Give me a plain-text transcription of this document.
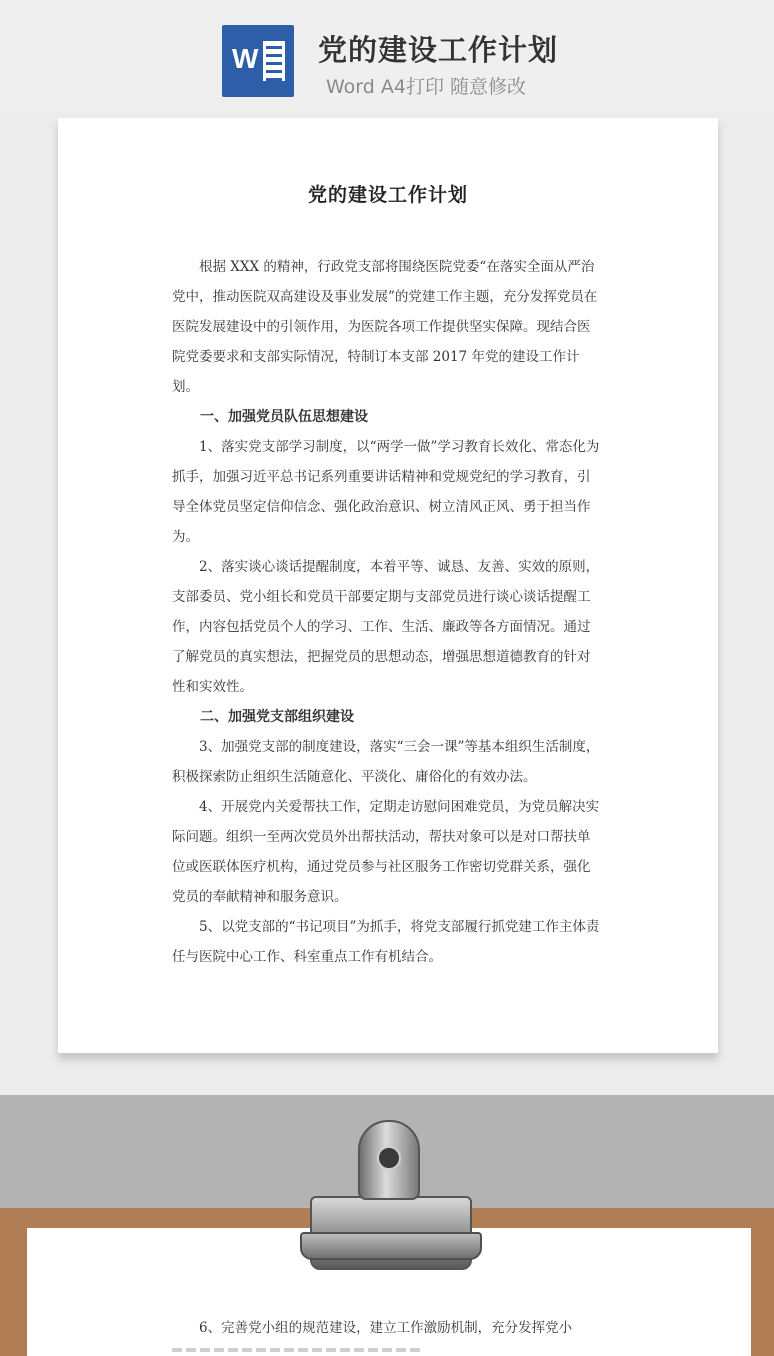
W 党的建设工作计划
Word A4打印 随意修改
党的建设工作计划

根据 XXX 的精神，行政党支部将围绕医院党委“在落实全面从严治党中，推动医院双高建设及事业发展”的党建工作主题，充分发挥党员在医院发展建设中的引领作用，为医院各项工作提供坚实保障。现结合医院党委要求和支部实际情况，特制订本支部 2017 年党的建设工作计划。

一、加强党员队伍思想建设

1、落实党支部学习制度，以“两学一做”学习教育长效化、常态化为抓手，加强习近平总书记系列重要讲话精神和党规党纪的学习教育，引导全体党员坚定信仰信念、强化政治意识、树立清风正风、勇于担当作为。

2、落实谈心谈话提醒制度，本着平等、诚恳、友善、实效的原则，支部委员、党小组长和党员干部要定期与支部党员进行谈心谈话提醒工作，内容包括党员个人的学习、工作、生活、廉政等各方面情况。通过了解党员的真实想法，把握党员的思想动态，增强思想道德教育的针对性和实效性。

二、加强党支部组织建设

3、加强党支部的制度建设，落实“三会一课”等基本组织生活制度，积极探索防止组织生活随意化、平淡化、庸俗化的有效办法。

4、开展党内关爱帮扶工作，定期走访慰问困难党员，为党员解决实际问题。组织一至两次党员外出帮扶活动，帮扶对象可以是对口帮扶单位或医联体医疗机构，通过党员参与社区服务工作密切党群关系，强化党员的奉献精神和服务意识。

5、以党支部的“书记项目”为抓手，将党支部履行抓党建工作主体责任与医院中心工作、科室重点工作有机结合。

6、完善党小组的规范建设，建立工作激励机制，充分发挥党小
